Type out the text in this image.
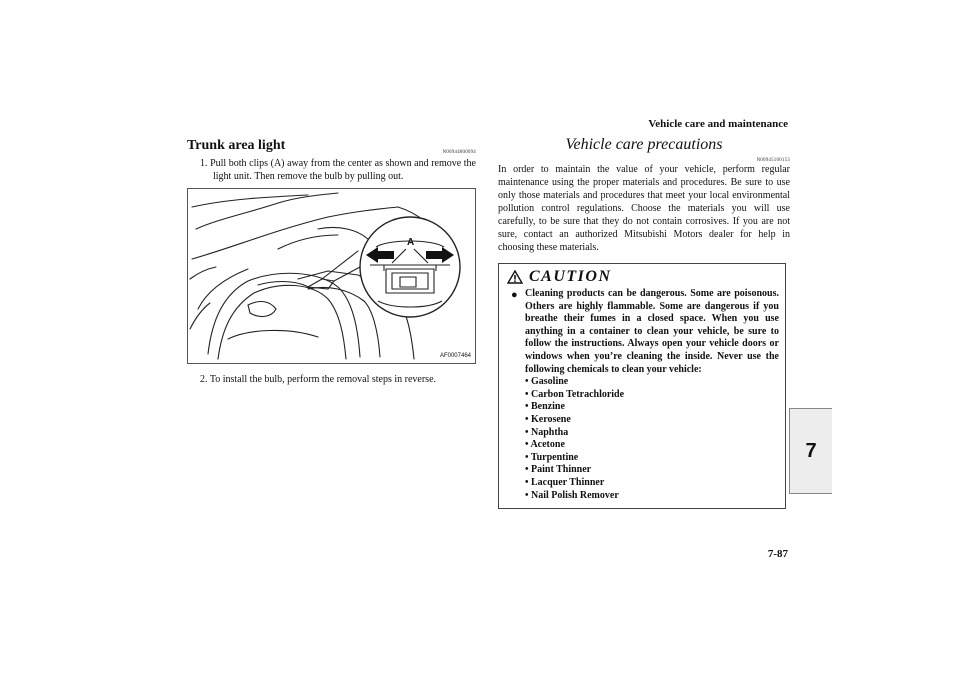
Vehicle care and maintenance
Trunk area light	N00944800094

1. Pull both clips (A) away from the center as shown and remove the light unit. Then remove the bulb by pulling out.

A
AF0007464

2. To install the bulb, perform the removal steps in reverse.

Vehicle care precautions
N00945100153

In order to maintain the value of your vehicle, perform regular maintenance using the proper materials and procedures. Be sure to use only those materials and procedures that meet your local environmental pollution control regulations. Choose the materials you will use carefully, to be sure that they do not contain corrosives. If you are not sure, contact an authorized Mitsubishi Motors dealer for help in choosing these materials.

CAUTION
● Cleaning products can be dangerous. Some are poisonous. Others are highly flammable. Some are dangerous if you breathe their fumes in a closed space. When you use anything in a container to clean your vehicle, be sure to follow the instructions. Always open your vehicle doors or windows when you’re cleaning the inside. Never use the following chemicals to clean your vehicle:

• Gasoline
• Carbon Tetrachloride
• Benzine
• Kerosene
• Naphtha
• Acetone
• Turpentine
• Paint Thinner
• Lacquer Thinner
• Nail Polish Remover
7
7-87
